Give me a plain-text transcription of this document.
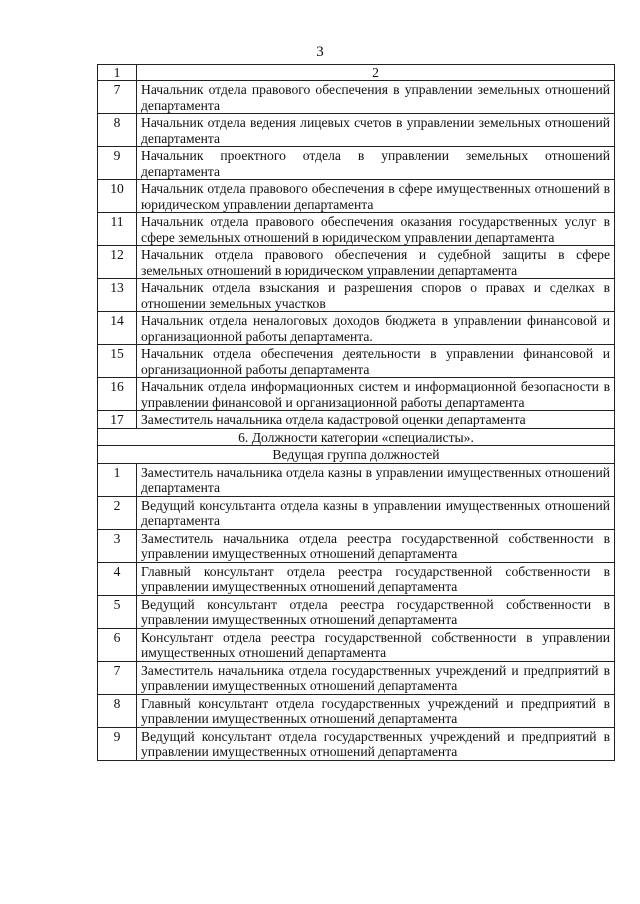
3
1	2
7	Начальник отдела правового обеспечения в управлении земельных отношений департамента
8	Начальник отдела ведения лицевых счетов в управлении земельных отношений департамента
9	Начальник проектного отдела в управлении земельных отношений департамента
10	Начальник отдела правового обеспечения в сфере имущественных отношений в юридическом управлении департамента
11	Начальник отдела правового обеспечения оказания государственных услуг в сфере земельных отношений в юридическом управлении департамента
12	Начальник отдела правового обеспечения и судебной защиты в сфере земельных отношений в юридическом управлении департамента
13	Начальник отдела взыскания и разрешения споров о правах и сделках в отношении земельных участков
14	Начальник отдела неналоговых доходов бюджета в управлении финансовой и организационной работы департамента.
15	Начальник отдела обеспечения деятельности в управлении финансовой и организационной работы департамента
16	Начальник отдела информационных систем и информационной безопасности в управлении финансовой и организационной работы департамента
17	Заместитель начальника отдела кадастровой оценки департамента
6. Должности категории «специалисты».	
Ведущая группа должностей	
1	Заместитель начальника отдела казны в управлении имущественных отношений департамента
2	Ведущий консультанта отдела казны в управлении имущественных отношений департамента
3	Заместитель начальника отдела реестра государственной собственности в управлении имущественных отношений департамента
4	Главный консультант отдела реестра государственной собственности в управлении имущественных отношений департамента
5	Ведущий консультант отдела реестра государственной собственности в управлении имущественных отношений департамента
6	Консультант отдела реестра государственной собственности в управлении имущественных отношений департамента
7	Заместитель начальника отдела государственных учреждений и предприятий в управлении имущественных отношений департамента
8	Главный консультант отдела государственных учреждений и предприятий в управлении имущественных отношений департамента
9	Ведущий консультант отдела государственных учреждений и предприятий в управлении имущественных отношений департамента
